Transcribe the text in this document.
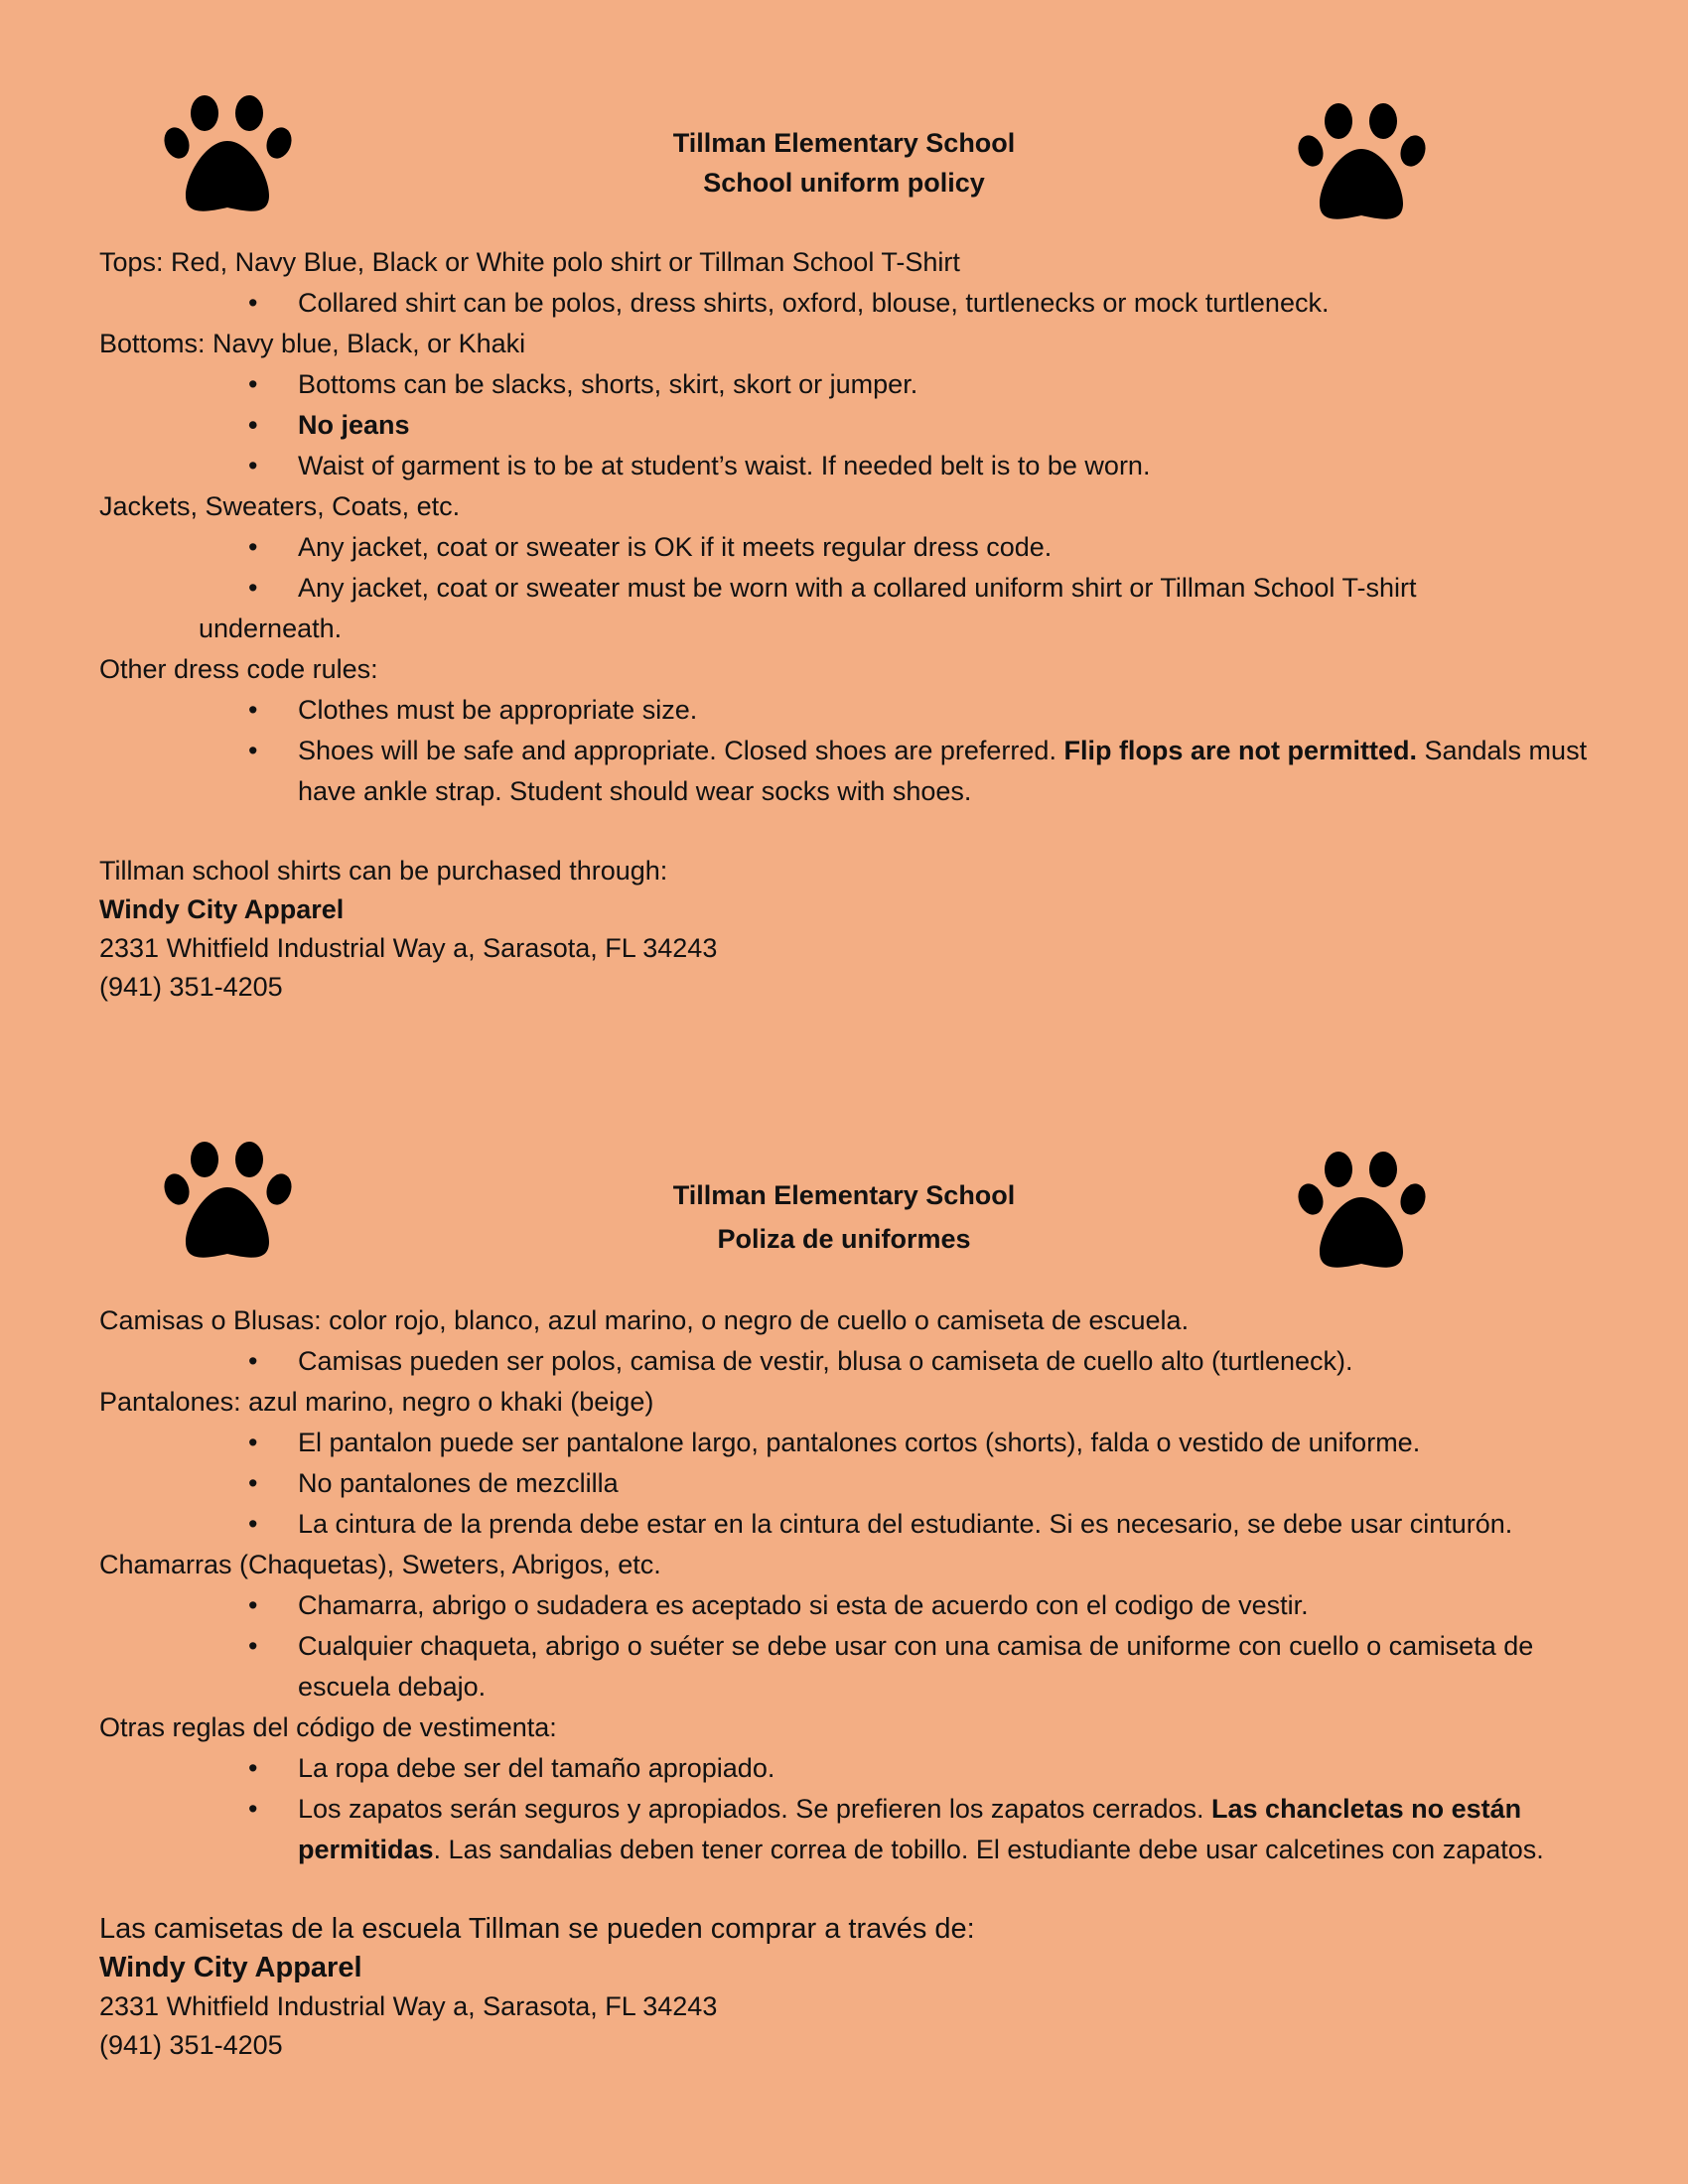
Tillman Elementary School
School uniform policy
Tops: Red, Navy Blue, Black or White polo shirt or Tillman School T-Shirt
• Collared shirt can be polos, dress shirts, oxford, blouse, turtlenecks or mock turtleneck.
Bottoms: Navy blue, Black, or Khaki
• Bottoms can be slacks, shorts, skirt, skort or jumper.
• No jeans
• Waist of garment is to be at student’s waist. If needed belt is to be worn.
Jackets, Sweaters, Coats, etc.
• Any jacket, coat or sweater is OK if it meets regular dress code.
• Any jacket, coat or sweater must be worn with a collared uniform shirt or Tillman School T-shirt
underneath.
Other dress code rules:
• Clothes must be appropriate size.
• Shoes will be safe and appropriate. Closed shoes are preferred. Flip flops are not permitted. Sandals must have ankle strap. Student should wear socks with shoes.
Tillman school shirts can be purchased through:
Windy City Apparel
2331 Whitfield Industrial Way a, Sarasota, FL 34243
(941) 351-4205
Tillman Elementary School
Poliza de uniformes
Camisas o Blusas: color rojo, blanco, azul marino, o negro de cuello o camiseta de escuela.
• Camisas pueden ser polos, camisa de vestir, blusa o camiseta de cuello alto (turtleneck).
Pantalones: azul marino, negro o khaki (beige)
• El pantalon puede ser pantalone largo, pantalones cortos (shorts), falda o vestido de uniforme.
• No pantalones de mezclilla
• La cintura de la prenda debe estar en la cintura del estudiante. Si es necesario, se debe usar cinturón.
Chamarras (Chaquetas), Sweters, Abrigos, etc.
• Chamarra, abrigo o sudadera es aceptado si esta de acuerdo con el codigo de vestir.
• Cualquier chaqueta, abrigo o suéter se debe usar con una camisa de uniforme con cuello o camiseta de escuela debajo.
Otras reglas del código de vestimenta:
• La ropa debe ser del tamaño apropiado.
• Los zapatos serán seguros y apropiados. Se prefieren los zapatos cerrados. Las chancletas no están permitidas. Las sandalias deben tener correa de tobillo. El estudiante debe usar calcetines con zapatos.
Las camisetas de la escuela Tillman se pueden comprar a través de:
Windy City Apparel
2331 Whitfield Industrial Way a, Sarasota, FL 34243
(941) 351-4205
